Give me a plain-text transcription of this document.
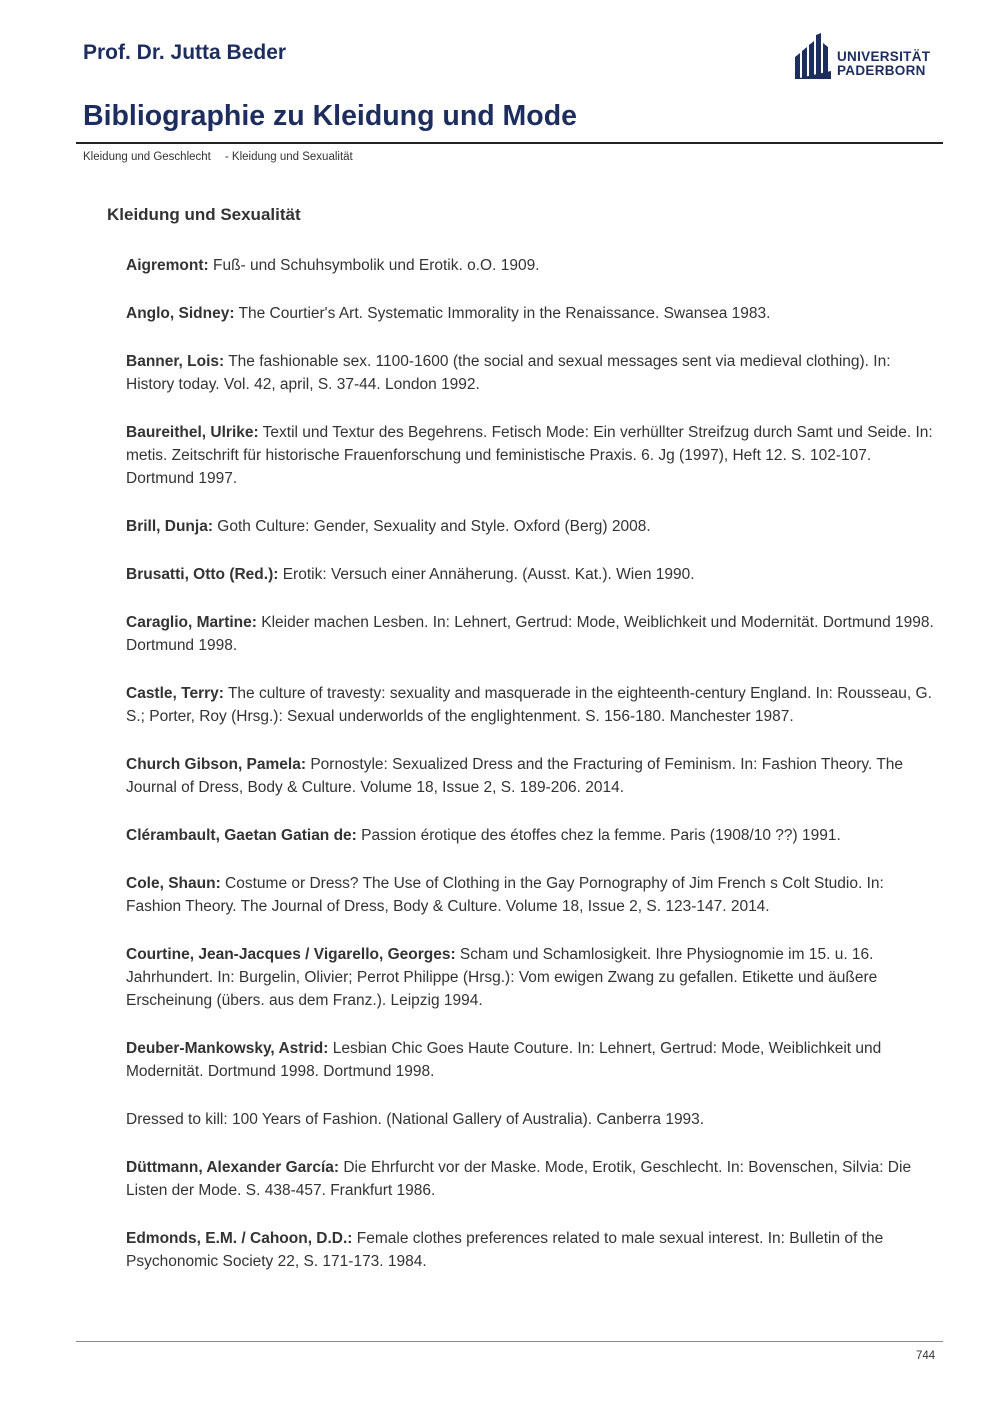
Prof. Dr. Jutta Beder	UNIVERSITÄT
PADERBORN
Bibliographie zu Kleidung und Mode
Kleidung und Geschlecht - Kleidung und Sexualität
Kleidung und Sexualität

Aigremont: Fuß- und Schuhsymbolik und Erotik. o.O. 1909.

Anglo, Sidney: The Courtier's Art. Systematic Immorality in the Renaissance. Swansea 1983.

Banner, Lois: The fashionable sex. 1100-1600 (the social and sexual messages sent via medieval clothing). In: History today. Vol. 42, april, S. 37-44. London 1992.

Baureithel, Ulrike: Textil und Textur des Begehrens. Fetisch Mode: Ein verhüllter Streifzug durch Samt und Seide. In: metis. Zeitschrift für historische Frauenforschung und feministische Praxis. 6. Jg (1997), Heft 12. S. 102-107. Dortmund 1997.

Brill, Dunja: Goth Culture: Gender, Sexuality and Style. Oxford (Berg) 2008.

Brusatti, Otto (Red.): Erotik: Versuch einer Annäherung. (Ausst. Kat.). Wien 1990.

Caraglio, Martine: Kleider machen Lesben. In: Lehnert, Gertrud: Mode, Weiblichkeit und Modernität. Dortmund 1998. Dortmund 1998.

Castle, Terry: The culture of travesty: sexuality and masquerade in the eighteenth-century England. In: Rousseau, G. S.; Porter, Roy (Hrsg.): Sexual underworlds of the englightenment. S. 156-180. Manchester 1987.

Church Gibson, Pamela: Pornostyle: Sexualized Dress and the Fracturing of Feminism. In: Fashion Theory. The Journal of Dress, Body & Culture. Volume 18, Issue 2, S. 189-206. 2014.

Clérambault, Gaetan Gatian de: Passion érotique des étoffes chez la femme. Paris (1908/10 ??) 1991.

Cole, Shaun: Costume or Dress? The Use of Clothing in the Gay Pornography of Jim French s Colt Studio. In: Fashion Theory. The Journal of Dress, Body & Culture. Volume 18, Issue 2, S. 123-147. 2014.

Courtine, Jean-Jacques / Vigarello, Georges: Scham und Schamlosigkeit. Ihre Physiognomie im 15. u. 16. Jahrhundert. In: Burgelin, Olivier; Perrot Philippe (Hrsg.): Vom ewigen Zwang zu gefallen. Etikette und äußere Erscheinung (übers. aus dem Franz.). Leipzig 1994.

Deuber-Mankowsky, Astrid: Lesbian Chic Goes Haute Couture. In: Lehnert, Gertrud: Mode, Weiblichkeit und Modernität. Dortmund 1998. Dortmund 1998.

Dressed to kill: 100 Years of Fashion. (National Gallery of Australia). Canberra 1993.

Düttmann, Alexander García: Die Ehrfurcht vor der Maske. Mode, Erotik, Geschlecht. In: Bovenschen, Silvia: Die Listen der Mode. S. 438-457. Frankfurt 1986.

Edmonds, E.M. / Cahoon, D.D.: Female clothes preferences related to male sexual interest. In: Bulletin of the Psychonomic Society 22, S. 171-173. 1984.

744
